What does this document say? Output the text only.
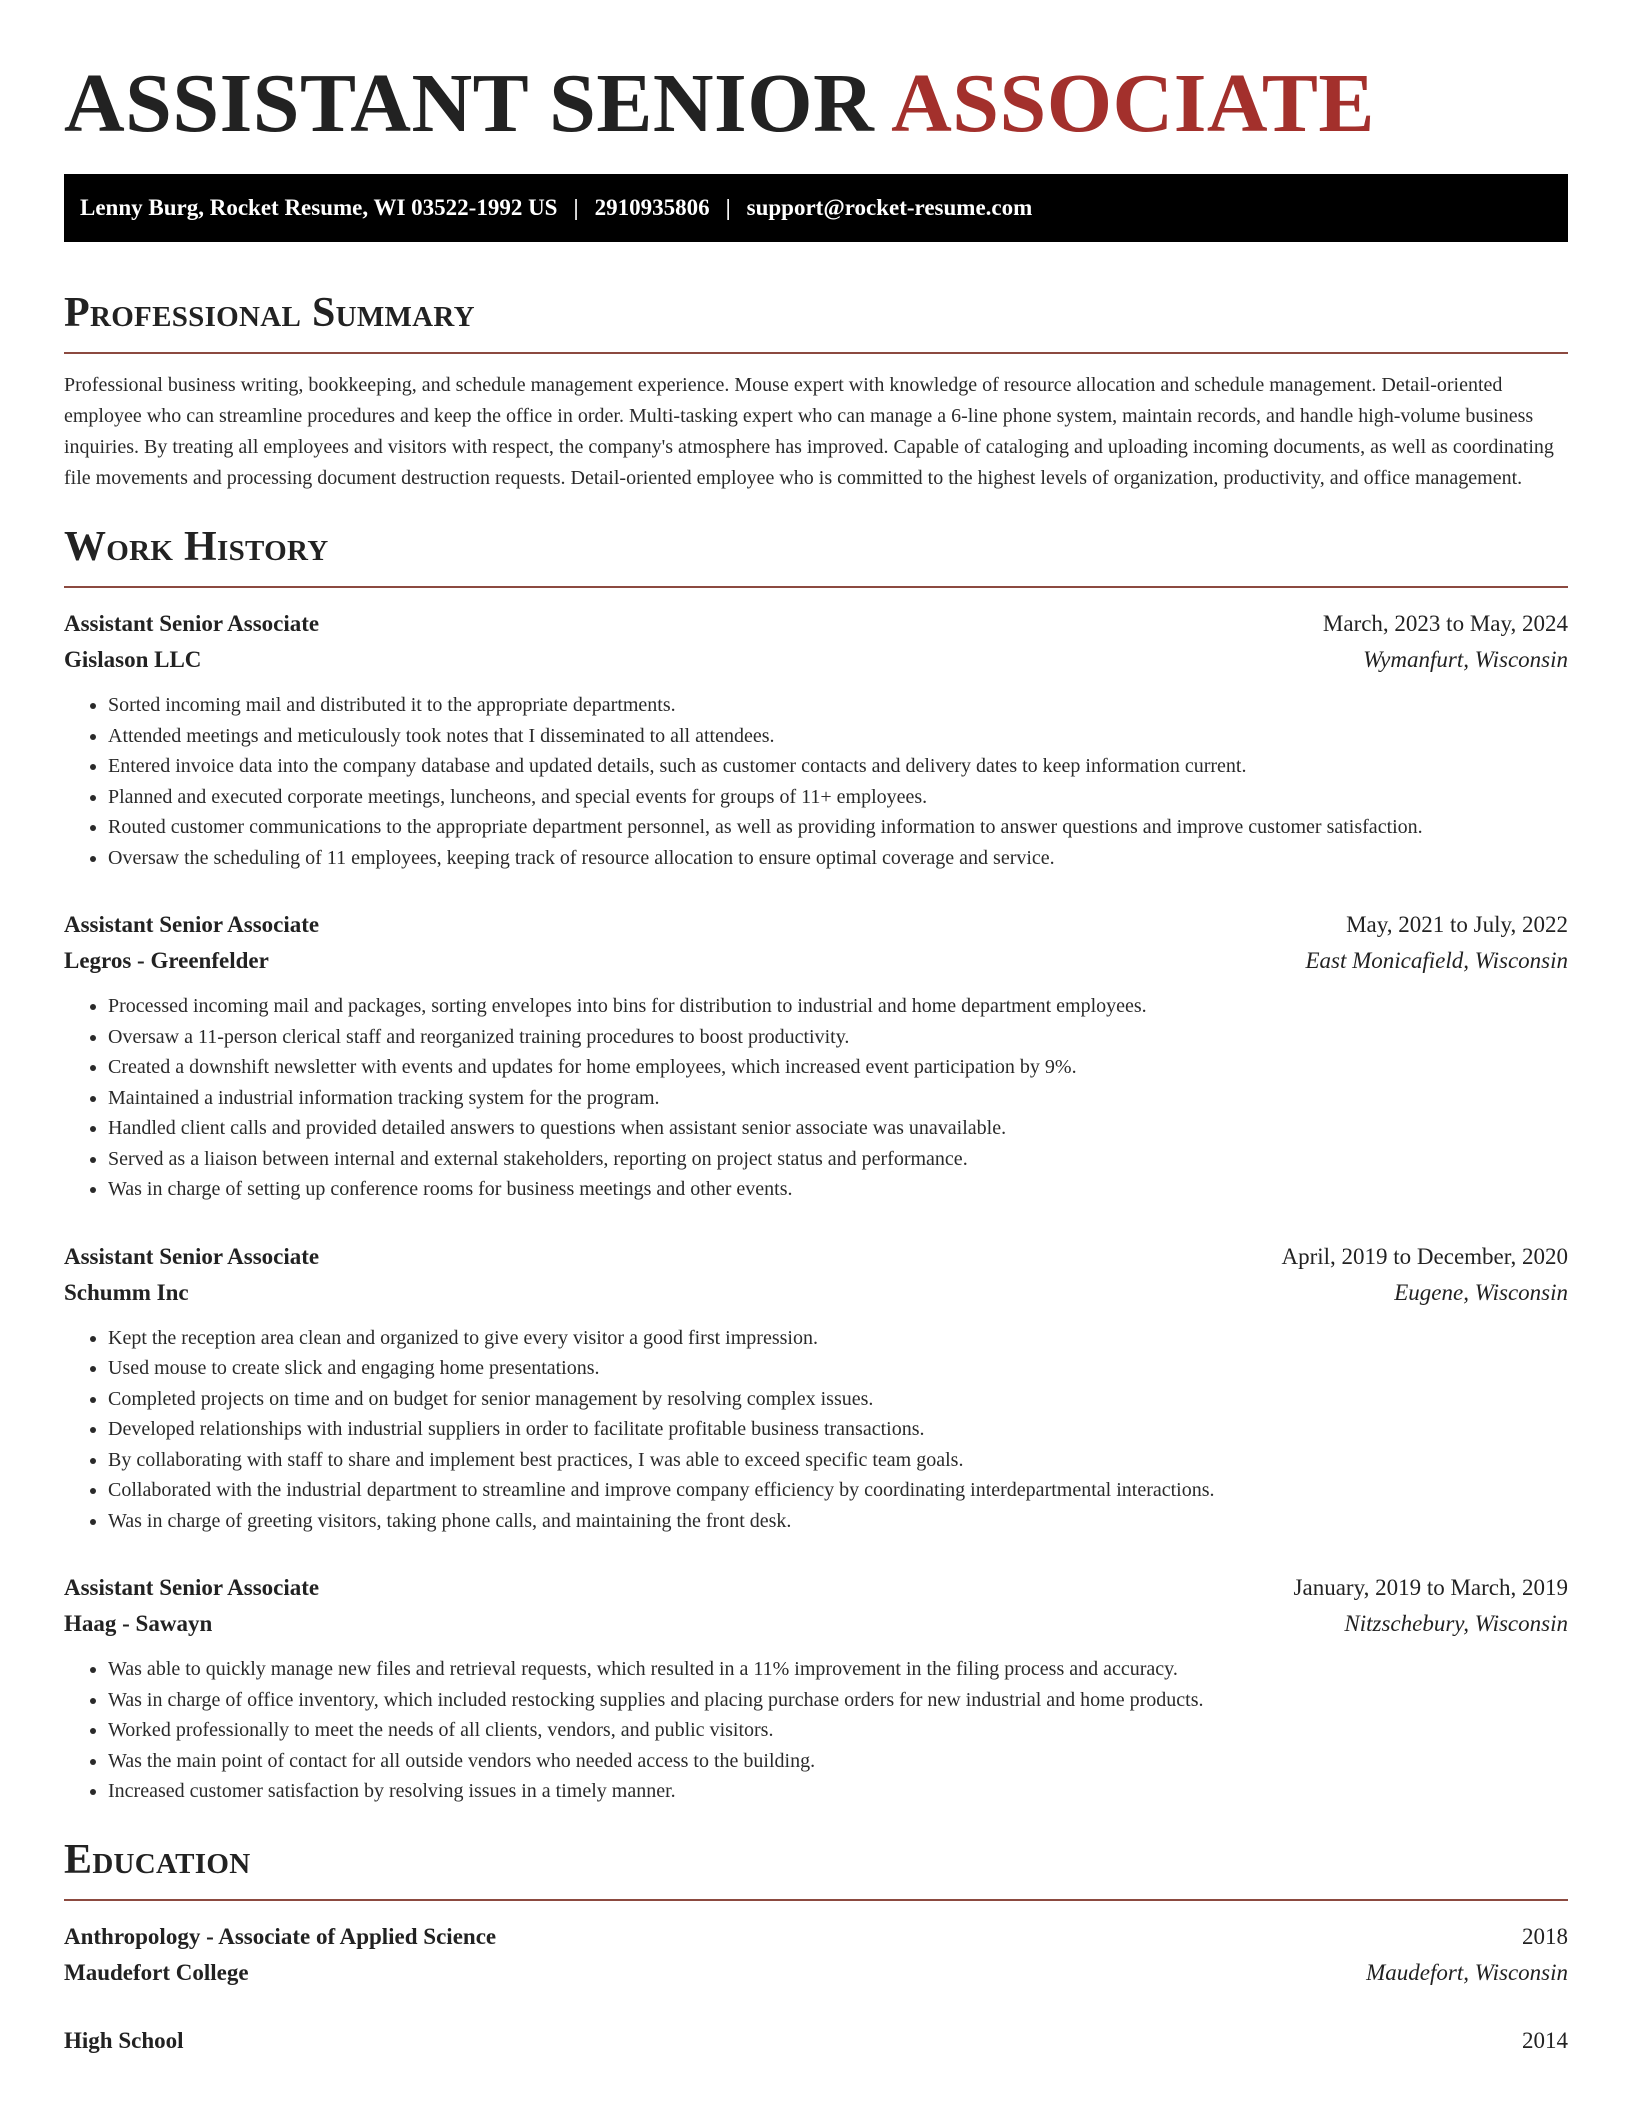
ASSISTANT SENIOR ASSOCIATE
Lenny Burg, Rocket Resume, WI 03522-1992 US | 2910935806 | support@rocket-resume.com
Professional Summary

Professional business writing, bookkeeping, and schedule management experience. Mouse expert with knowledge of resource allocation and schedule management. Detail-oriented employee who can streamline procedures and keep the office in order. Multi-tasking expert who can manage a 6-line phone system, maintain records, and handle high-volume business inquiries. By treating all employees and visitors with respect, the company's atmosphere has improved. Capable of cataloging and uploading incoming documents, as well as coordinating file movements and processing document destruction requests. Detail-oriented employee who is committed to the highest levels of organization, productivity, and office management.

Work History
Assistant Senior Associate	March, 2023 to May, 2024
Gislason LLC	Wymanfurt, Wisconsin
• Sorted incoming mail and distributed it to the appropriate departments.
• Attended meetings and meticulously took notes that I disseminated to all attendees.
• Entered invoice data into the company database and updated details, such as customer contacts and delivery dates to keep information current.
• Planned and executed corporate meetings, luncheons, and special events for groups of 11+ employees.
• Routed customer communications to the appropriate department personnel, as well as providing information to answer questions and improve customer satisfaction.
• Oversaw the scheduling of 11 employees, keeping track of resource allocation to ensure optimal coverage and service.
Assistant Senior Associate	May, 2021 to July, 2022
Legros - Greenfelder	East Monicafield, Wisconsin
• Processed incoming mail and packages, sorting envelopes into bins for distribution to industrial and home department employees.
• Oversaw a 11-person clerical staff and reorganized training procedures to boost productivity.
• Created a downshift newsletter with events and updates for home employees, which increased event participation by 9%.
• Maintained a industrial information tracking system for the program.
• Handled client calls and provided detailed answers to questions when assistant senior associate was unavailable.
• Served as a liaison between internal and external stakeholders, reporting on project status and performance.
• Was in charge of setting up conference rooms for business meetings and other events.
Assistant Senior Associate	April, 2019 to December, 2020
Schumm Inc	Eugene, Wisconsin
• Kept the reception area clean and organized to give every visitor a good first impression.
• Used mouse to create slick and engaging home presentations.
• Completed projects on time and on budget for senior management by resolving complex issues.
• Developed relationships with industrial suppliers in order to facilitate profitable business transactions.
• By collaborating with staff to share and implement best practices, I was able to exceed specific team goals.
• Collaborated with the industrial department to streamline and improve company efficiency by coordinating interdepartmental interactions.
• Was in charge of greeting visitors, taking phone calls, and maintaining the front desk.
Assistant Senior Associate	January, 2019 to March, 2019
Haag - Sawayn	Nitzschebury, Wisconsin
• Was able to quickly manage new files and retrieval requests, which resulted in a 11% improvement in the filing process and accuracy.
• Was in charge of office inventory, which included restocking supplies and placing purchase orders for new industrial and home products.
• Worked professionally to meet the needs of all clients, vendors, and public visitors.
• Was the main point of contact for all outside vendors who needed access to the building.
• Increased customer satisfaction by resolving issues in a timely manner.
Education
Anthropology - Associate of Applied Science	2018
Maudefort College	Maudefort, Wisconsin
High School	2014
